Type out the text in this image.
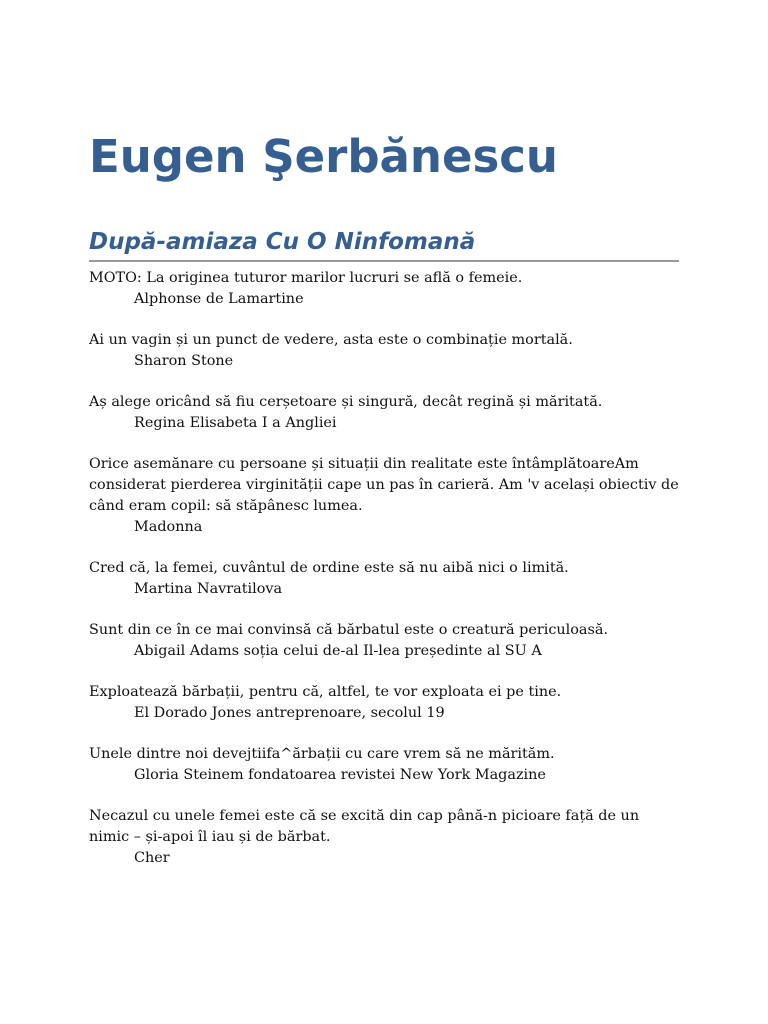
Eugen Şerbănescu
După-amiaza Cu O Ninfomană

MOTO: La originea tuturor marilor lucruri se află o femeie.

Alphonse de Lamartine

Ai un vagin și un punct de vedere, asta este o combinație mortală.

Sharon Stone

Aș alege oricând să fiu cerșetoare și singură, decât regină și măritată.

Regina Elisabeta I a Angliei

Orice asemănare cu persoane și situații din realitate este întâmplătoareAm
considerat pierderea virginității cape un pas în carieră. Am 'v același obiectiv de
când eram copil: să stăpânesc lumea.

Madonna

Cred că, la femei, cuvântul de ordine este să nu aibă nici o limită.

Martina Navratilova

Sunt din ce în ce mai convinsă că bărbatul este o creatură periculoasă.

Abigail Adams soția celui de-al Il-lea președinte al SU A

Exploatează bărbații, pentru că, altfel, te vor exploata ei pe tine.

El Dorado Jones antreprenoare, secolul 19

Unele dintre noi devejtiifa^ărbații cu care vrem să ne mărităm.

Gloria Steinem fondatoarea revistei New York Magazine

Necazul cu unele femei este că se excită din cap până-n picioare față de un
nimic – și-apoi îl iau și de bărbat.

Cher
